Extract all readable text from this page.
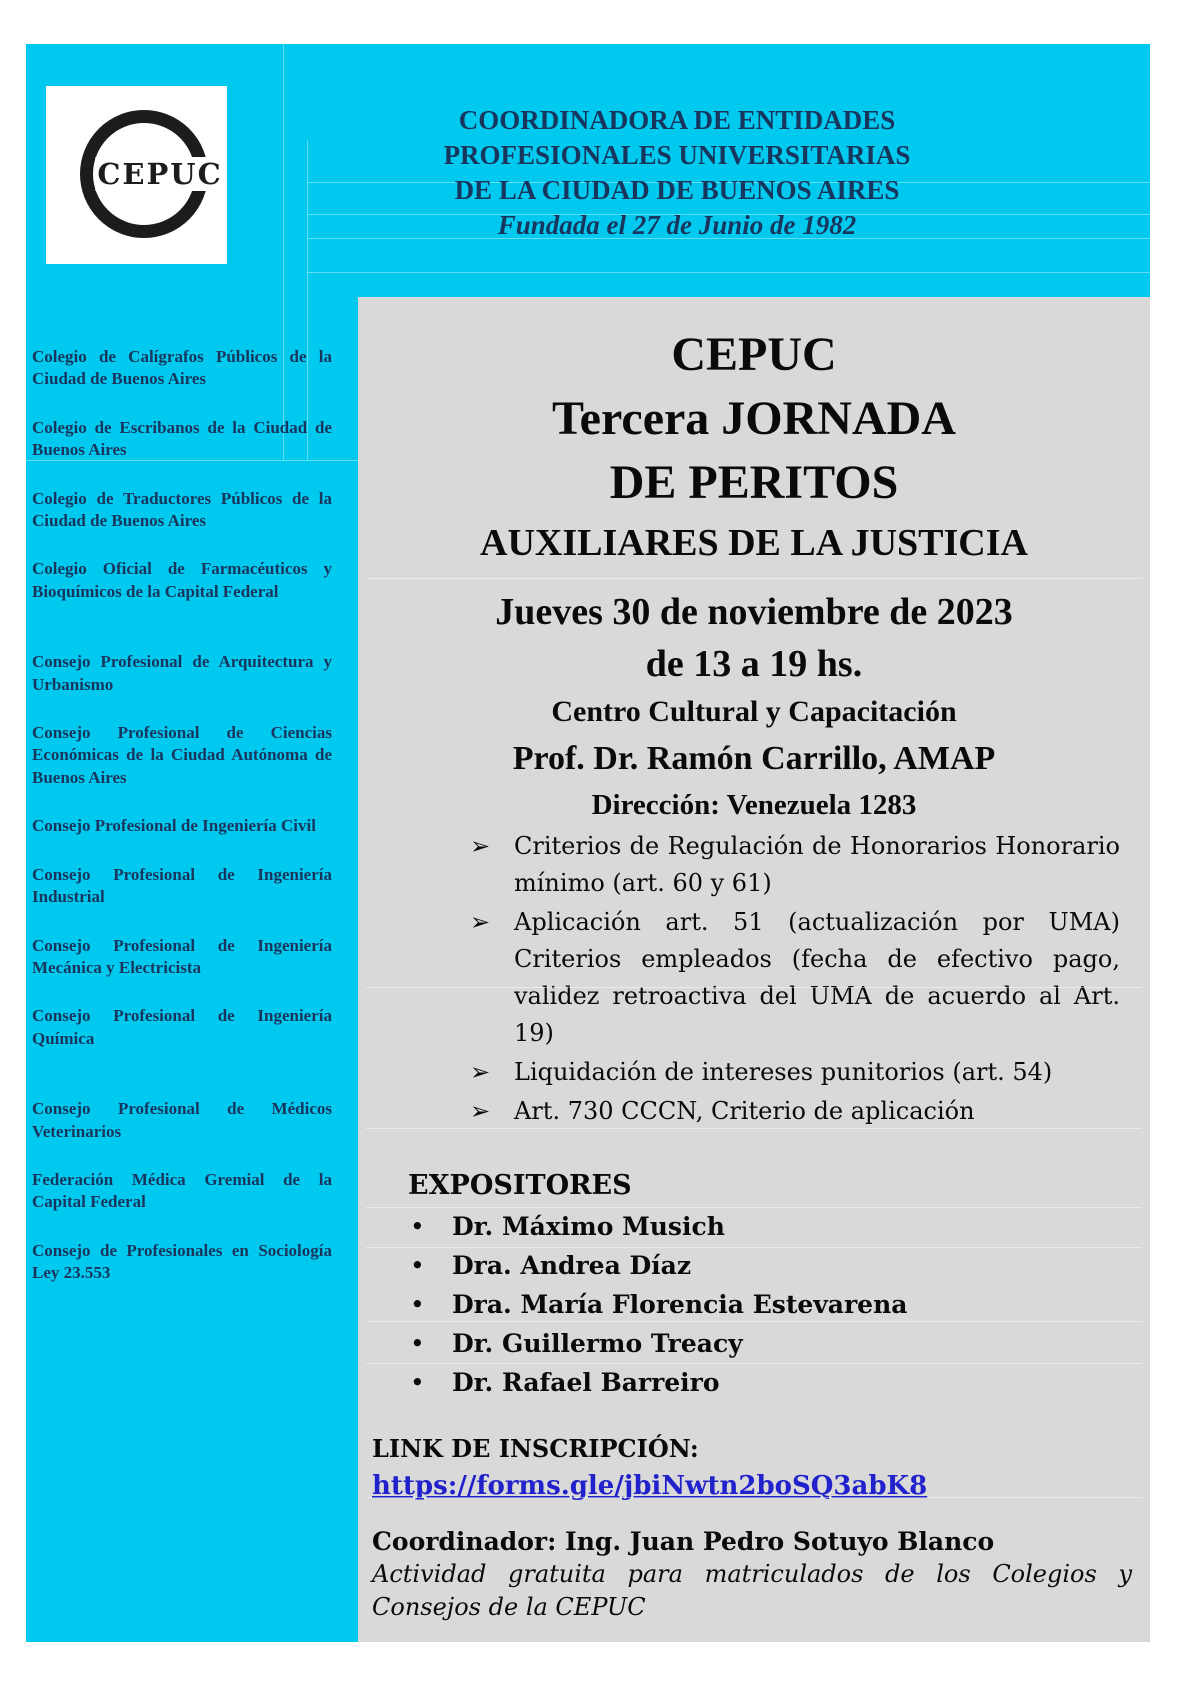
CEPUC
COORDINADORA DE ENTIDADES
PROFESIONALES UNIVERSITARIAS
DE LA CIUDAD DE BUENOS AIRES
Fundada el 27 de Junio de 1982
Colegio de Calígrafos Públicos de la Ciudad de Buenos Aires
Colegio de Escribanos de la Ciudad de Buenos Aires
Colegio de Traductores Públicos de la Ciudad de Buenos Aires
Colegio Oficial de Farmacéuticos y Bioquímicos de la Capital Federal
Consejo Profesional de Arquitectura y Urbanismo
Consejo Profesional de Ciencias Económicas de la Ciudad Autónoma de Buenos Aires
Consejo Profesional de Ingeniería Civil
Consejo Profesional de Ingeniería Industrial
Consejo Profesional de Ingeniería Mecánica y Electricista
Consejo Profesional de Ingeniería Química
Consejo Profesional de Médicos Veterinarios
Federación Médica Gremial de la Capital Federal
Consejo de Profesionales en Sociología Ley 23.553
CEPUC
Tercera JORNADA
DE PERITOS
AUXILIARES DE LA JUSTICIA
Jueves 30 de noviembre de 2023
de 13 a 19 hs.
Centro Cultural y Capacitación
Prof. Dr. Ramón Carrillo, AMAP
Dirección: Venezuela 1283
➢ Criterios de Regulación de Honorarios Honorario mínimo (art. 60 y 61)
➢ Aplicación art. 51 (actualización por UMA) Criterios empleados (fecha de efectivo pago, validez retroactiva del UMA de acuerdo al Art. 19)
➢ Liquidación de intereses punitorios (art. 54)
➢ Art. 730 CCCN, Criterio de aplicación
EXPOSITORES
•	Dr. Máximo Musich
•	Dra. Andrea Díaz
•	Dra. María Florencia Estevarena
•	Dr. Guillermo Treacy
•	Dr. Rafael Barreiro
LINK DE INSCRIPCIÓN:
https://forms.gle/jbiNwtn2boSQ3abK8
Coordinador: Ing. Juan Pedro Sotuyo Blanco
Actividad gratuita para matriculados de los Colegios y Consejos de la CEPUC
